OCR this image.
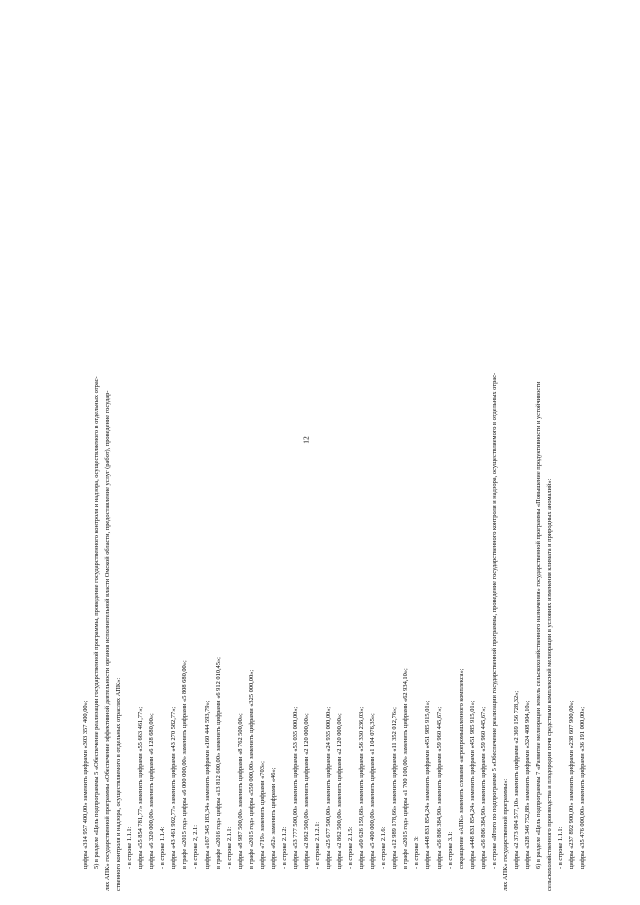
12
цифры «314 957 400,00» заменить цифрами «303 357 400,00»; 5) в разделе «Цель подпрограммы 5 «Обеспечение реализации государственной программы, проведение государственного контроля и надзора, осуществляемого в отдельных отрас- лях АПК» государственной программы «Обеспечение эффективной деятельности органов исполнительной власти Омской области, предоставление услуг (работ), проведение государ- ственного контроля и надзора, осуществляемого в отдельных отраслях АПК»: - в строке 1.1.1: цифры «55 854 781,77» заменить цифрами «55 663 461,77»; цифры «6 320 000,00» заменить цифрами «6 128 680,00»; - в строке 1.1.4: цифры «43 461 902,77» заменить цифрами «43 270 582,77»; в графе «2015 год» цифры «6 000 000,00» заменить цифрами «5 808 680,00»; - в строке 2, 2.1: цифры «167 345 183,34» заменить цифрами «160 444 593,79»; в графе «2016 год» цифры «13 812 600,00» заменить цифрами «6 912 010,45»; - в строке 2.1.1: цифры «8 987 500,00» заменить цифрами «8 762 500,00»; в графе «2015 год» цифры «550 000,00» заменить цифрами «325 000,00»; цифры «719» заменить цифрами «703»; цифры «62» заменить цифрами «46»; - в строке 2.1.2: цифры «53 777 500,00» заменить цифрами «53 035 000,00»; цифры «2 862 500,00» заменить цифрами «2 120 000,00»; - в строке 2.1.2.1: цифры «25 677 500,00» заменить цифрами «24 935 000,00»; цифры «2 862 500,00» заменить цифрами «2 120 000,00»; - в строке 2.1.5: цифры «60 626 159,68» заменить цифрами «56 330 236,03»; цифры «5 400 000,00» заменить цифрами «1 104 076,35»; - в строке 2.1.6: цифры «12 989 178,66» заменить цифрами «11 352 012,76»; в графе «2015 год» цифры «1 700 100,00» заменить цифрами «62 934,10»; - в строке 3: цифры «448 831 854,24» заменить цифрами «451 985 915,01»; цифры «56 806 384,90» заменить цифрами «59 960 445,67»; - в строке 3.1: сокращение «АПК» заменить словами «агропромышленного комплекса»; цифры «448 831 854,24» заменить цифрами «451 985 915,01»; цифры «56 806 384,90» заменить цифрами «59 960 445,67»; - в строке «Итого по подпрограмме 5 «Обеспечение реализации государственной программы, проведение государственного контроля и надзора, осуществляемого в отдельных отрас- лях АПК» государственной программы»: цифры «2 373 094 577,10» заменить цифрами «2 369 156 728,32»; цифры «328 346 752,88» заменить цифрами «324 408 904,10»; 6) в разделе «Цель подпрограммы 7 «Развитие мелиорации земель сельскохозяйственного назначения» государственной программы «Повышение продуктивности и устойчивости сельскохозяйственного производства и плодородия почв средствами комплексной мелиорации в условиях изменения климата и природных аномалий»: - в строке 1.1.1: цифры «237 892 900,00» заменить цифрами «238 607 900,00»; цифры «35 476 000,00» заменить цифрами «36 191 000,00»;
